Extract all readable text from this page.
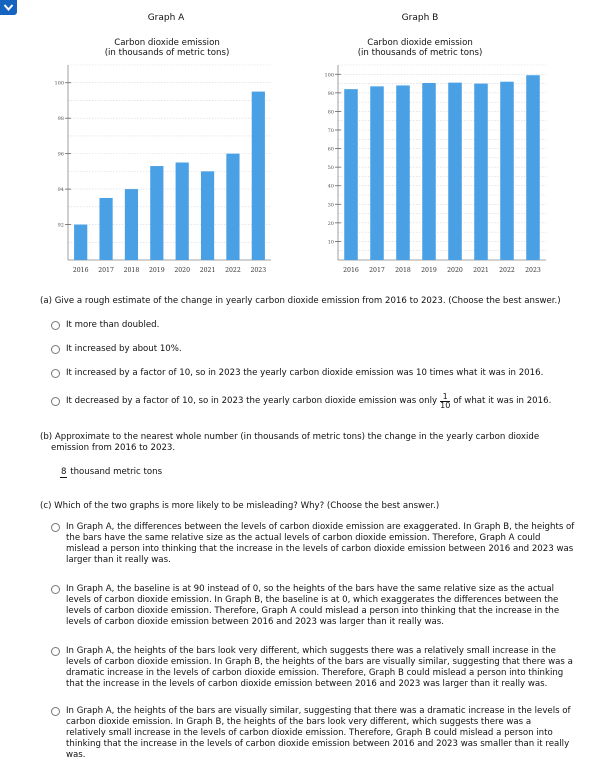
Graph A
Carbon dioxide emission
(in thousands of metric tons)
Graph B
Carbon dioxide emission
(in thousands of metric tons)
92
94
96
98
100
2016 2017 2018 2019 2020 2021 2022 2023
10
20
30
40
50
60
70
80
90
100
2016 2017 2018 2019 2020 2021 2022 2023
(a) Give a rough estimate of the change in yearly carbon dioxide emission from 2016 to 2023. (Choose the best answer.)
It more than doubled.
It increased by about 10%.
It increased by a factor of 10, so in 2023 the yearly carbon dioxide emission was 10 times what it was in 2016.
It decreased by a factor of 10, so in 2023 the yearly carbon dioxide emission was only $\frac{1}{10}$ of what it was in 2016.
(b) Approximate to the nearest whole number (in thousands of metric tons) the change in the yearly carbon dioxide
emission from 2016 to 2023.
8 thousand metric tons
(c) Which of the two graphs is more likely to be misleading? Why? (Choose the best answer.)
In Graph A, the differences between the levels of carbon dioxide emission are exaggerated. In Graph B, the heights of
the bars have the same relative size as the actual levels of carbon dioxide emission. Therefore, Graph A could
mislead a person into thinking that the increase in the levels of carbon dioxide emission between 2016 and 2023 was
larger than it really was.
In Graph A, the baseline is at 90 instead of 0, so the heights of the bars have the same relative size as the actual
levels of carbon dioxide emission. In Graph B, the baseline is at 0, which exaggerates the differences between the
levels of carbon dioxide emission. Therefore, Graph A could mislead a person into thinking that the increase in the
levels of carbon dioxide emission between 2016 and 2023 was larger than it really was.
In Graph A, the heights of the bars look very different, which suggests there was a relatively small increase in the
levels of carbon dioxide emission. In Graph B, the heights of the bars are visually similar, suggesting that there was a
dramatic increase in the levels of carbon dioxide emission. Therefore, Graph B could mislead a person into thinking
that the increase in the levels of carbon dioxide emission between 2016 and 2023 was larger than it really was.
In Graph A, the heights of the bars are visually similar, suggesting that there was a dramatic increase in the levels of
carbon dioxide emission. In Graph B, the heights of the bars look very different, which suggests there was a
relatively small increase in the levels of carbon dioxide emission. Therefore, Graph B could mislead a person into
thinking that the increase in the levels of carbon dioxide emission between 2016 and 2023 was smaller than it really
was.
